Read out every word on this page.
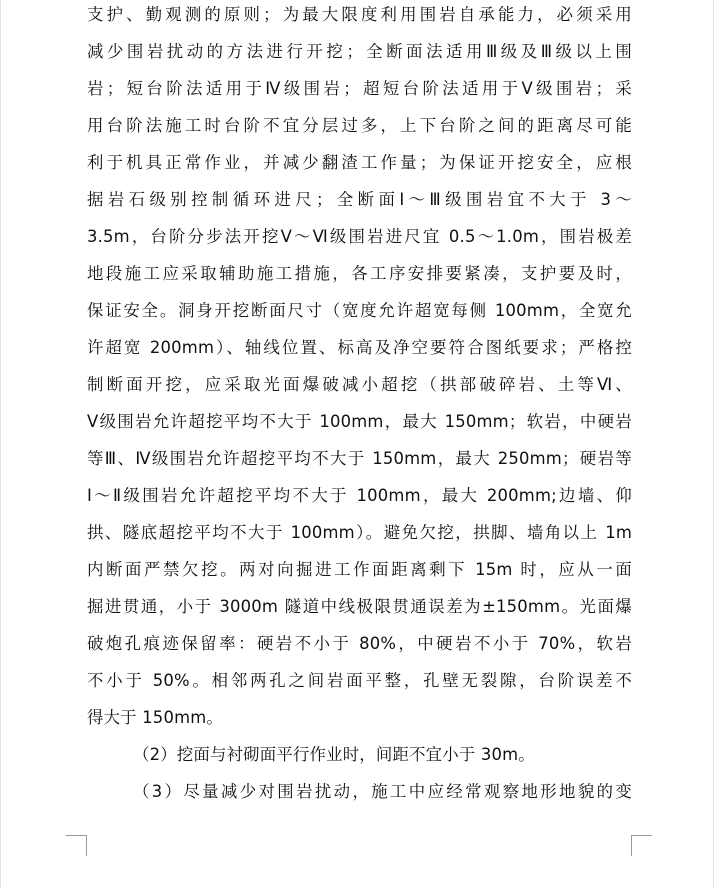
支护、勤观测的原则；为最大限度利用围岩自承能力，必须采用
减少围岩扰动的方法进行开挖；全断面法适用Ⅲ级及Ⅲ级以上围
岩；短台阶法适用于Ⅳ级围岩；超短台阶法适用于Ⅴ级围岩；采
用台阶法施工时台阶不宜分层过多，上下台阶之间的距离尽可能
利于机具正常作业，并减少翻渣工作量；为保证开挖安全，应根
据岩石级别控制循环进尺；全断面Ⅰ～Ⅲ级围岩宜不大于 3～
3.5m，台阶分步法开挖Ⅴ～Ⅵ级围岩进尺宜 0.5～1.0m，围岩极差
地段施工应采取辅助施工措施，各工序安排要紧凑，支护要及时，
保证安全。洞身开挖断面尺寸（宽度允许超宽每侧 100mm，全宽允
许超宽 200mm）、轴线位置、标高及净空要符合图纸要求；严格控
制断面开挖，应采取光面爆破减小超挖（拱部破碎岩、土等Ⅵ、
Ⅴ级围岩允许超挖平均不大于 100mm，最大 150mm；软岩，中硬岩
等Ⅲ、Ⅳ级围岩允许超挖平均不大于 150mm，最大 250mm；硬岩等
Ⅰ～Ⅱ级围岩允许超挖平均不大于 100mm，最大 200mm;边墙、仰
拱、隧底超挖平均不大于 100mm）。避免欠挖，拱脚、墙角以上 1m
内断面严禁欠挖。两对向掘进工作面距离剩下 15m 时，应从一面
掘进贯通，小于 3000m 隧道中线极限贯通误差为±150mm。光面爆
破炮孔痕迹保留率：硬岩不小于 80%，中硬岩不小于 70%，软岩
不小于 50%。相邻两孔之间岩面平整，孔壁无裂隙，台阶误差不
得大于 150mm。
（2）挖面与衬砌面平行作业时，间距不宜小于 30m。
（3）尽量减少对围岩扰动，施工中应经常观察地形地貌的变
